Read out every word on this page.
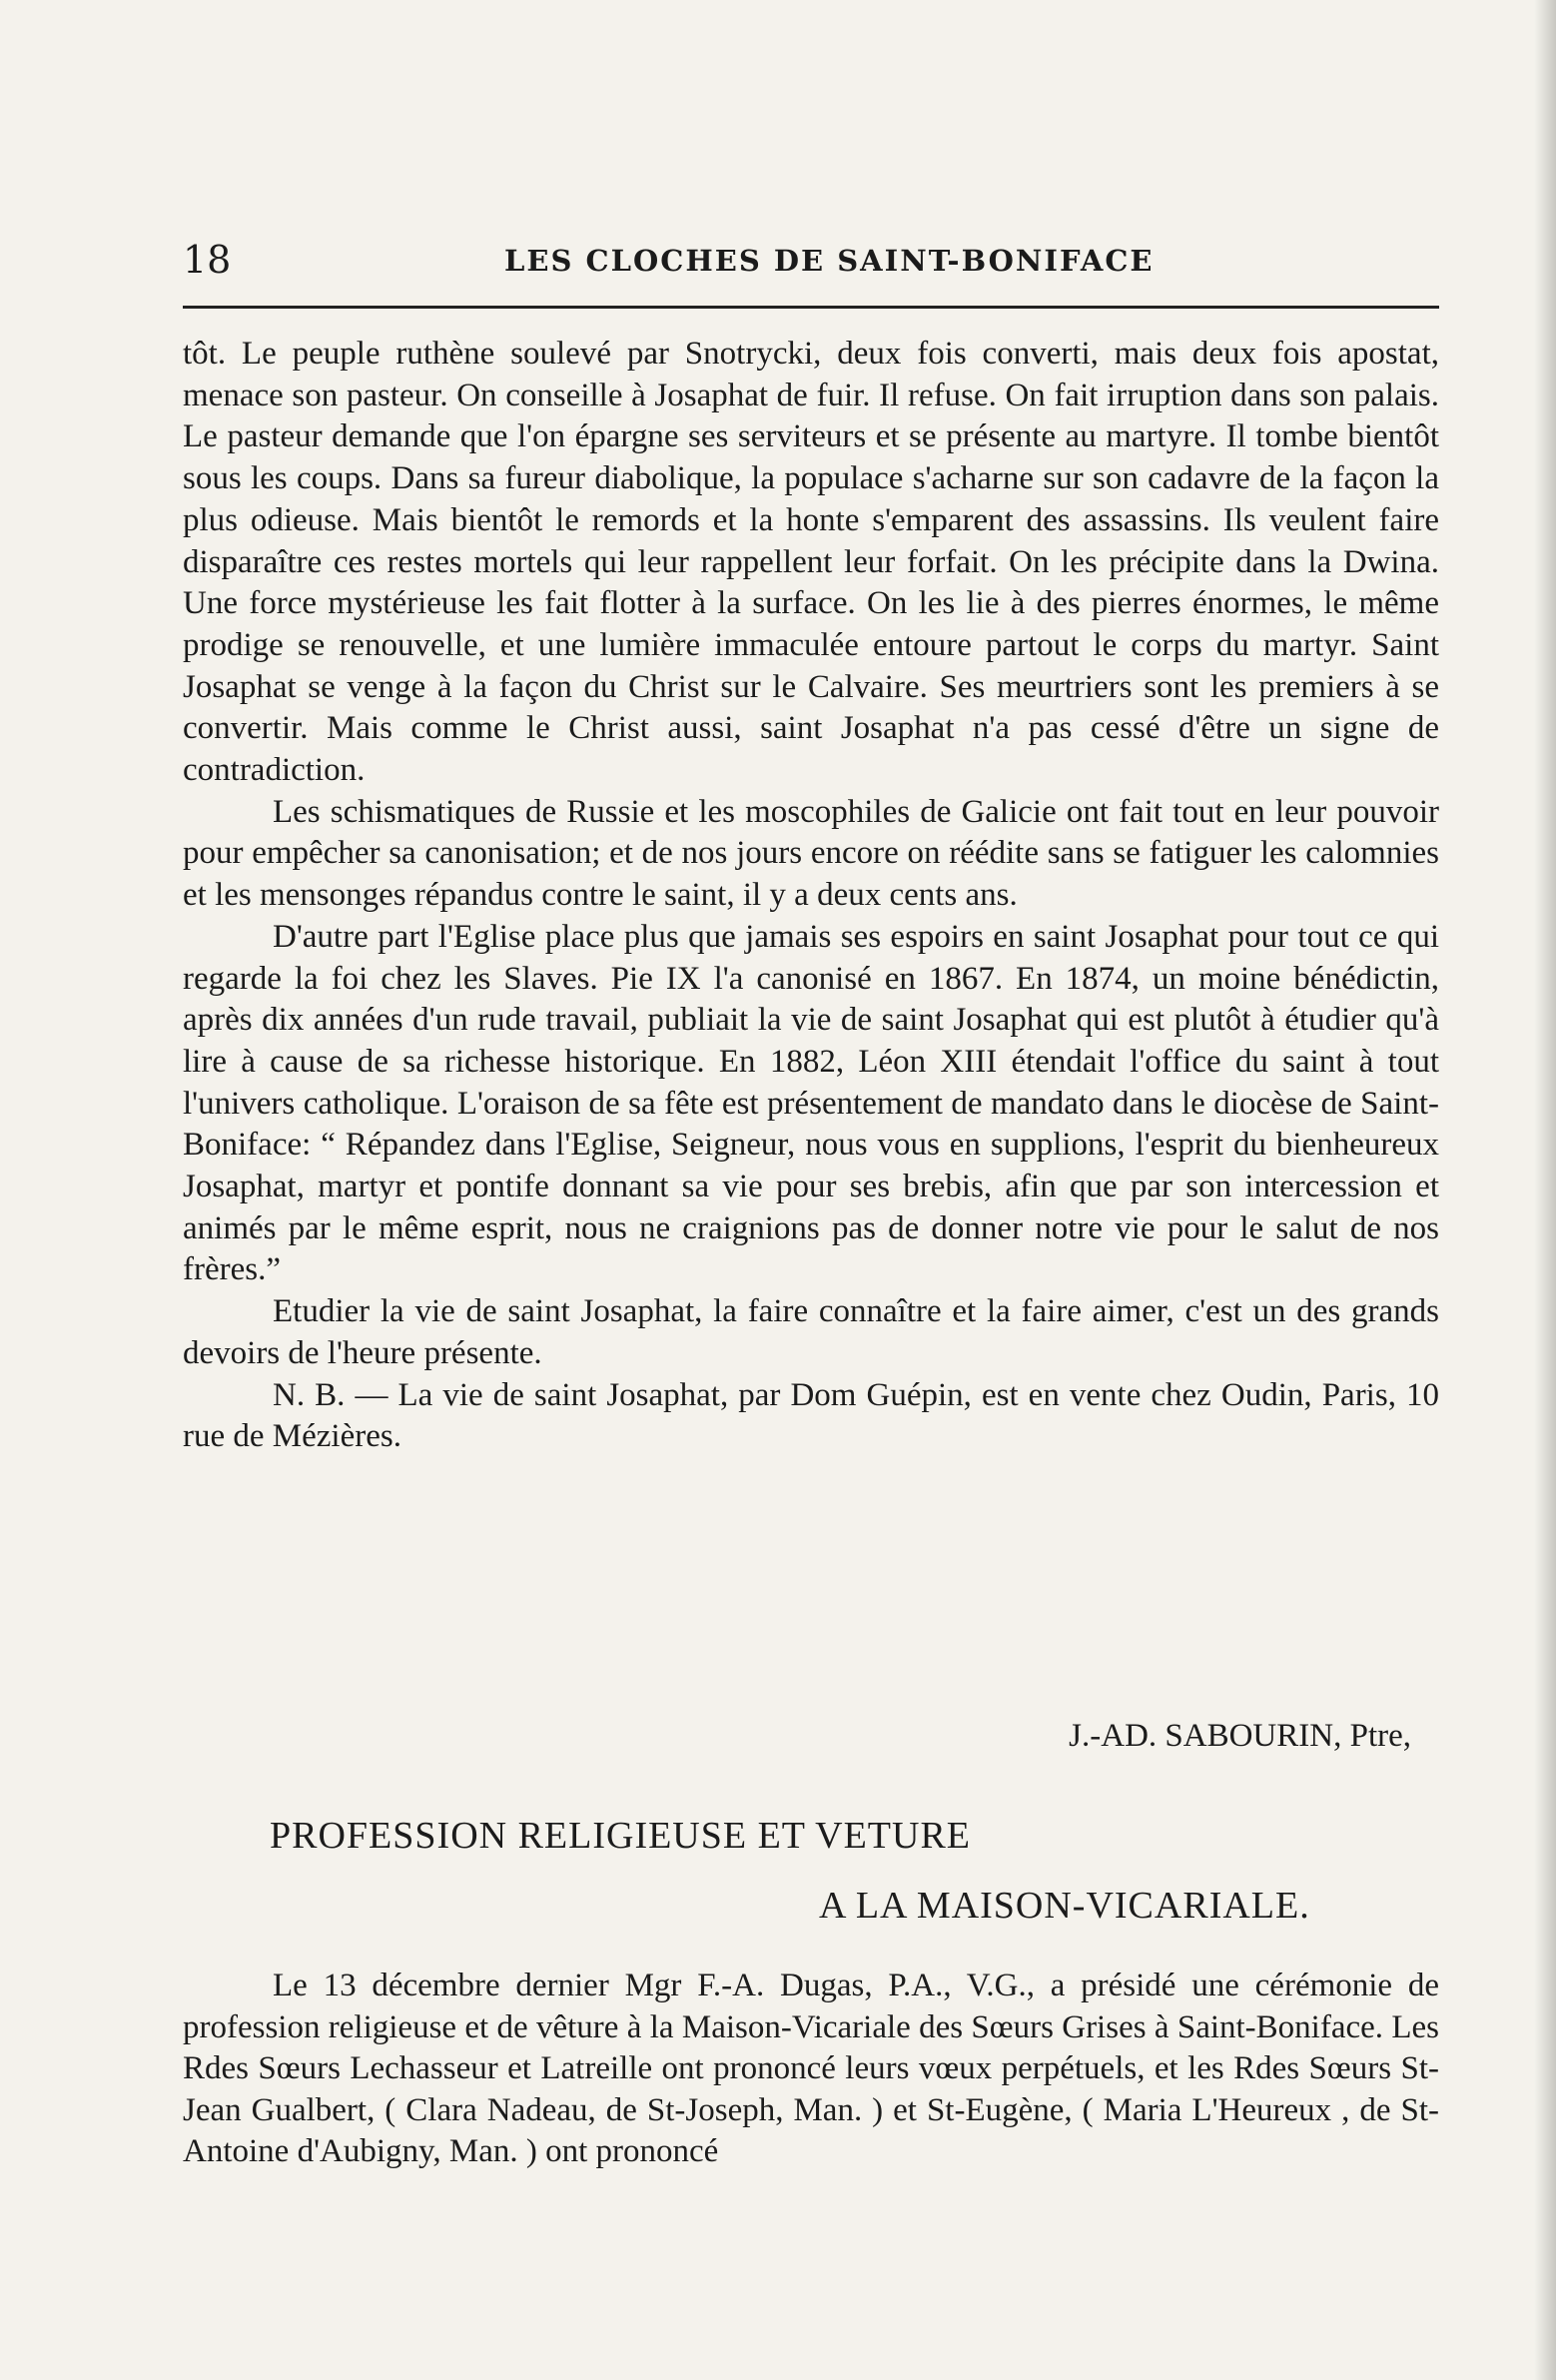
18	LES CLOCHES DE SAINT-BONIFACE

tôt. Le peuple ruthène soulevé par Snotrycki, deux fois converti, mais deux fois apostat, menace son pasteur. On conseille à Josaphat de fuir. Il refuse. On fait irruption dans son palais. Le pasteur demande que l'on épargne ses serviteurs et se présente au martyre. Il tombe bientôt sous les coups. Dans sa fureur diabolique, la populace s'acharne sur son cadavre de la façon la plus odieuse. Mais bientôt le remords et la honte s'emparent des assassins. Ils veulent faire disparaître ces restes mortels qui leur rappellent leur forfait. On les précipite dans la Dwina. Une force mystérieuse les fait flotter à la surface. On les lie à des pierres énormes, le même prodige se renouvelle, et une lumière immaculée entoure partout le corps du martyr. Saint Josaphat se venge à la façon du Christ sur le Calvaire. Ses meurtriers sont les premiers à se convertir. Mais comme le Christ aussi, saint Josaphat n'a pas cessé d'être un signe de contradiction.

Les schismatiques de Russie et les moscophiles de Galicie ont fait tout en leur pouvoir pour empêcher sa canonisation; et de nos jours encore on réédite sans se fatiguer les calomnies et les mensonges répandus contre le saint, il y a deux cents ans.

D'autre part l'Eglise place plus que jamais ses espoirs en saint Josaphat pour tout ce qui regarde la foi chez les Slaves. Pie IX l'a canonisé en 1867. En 1874, un moine bénédictin, après dix années d'un rude travail, publiait la vie de saint Josaphat qui est plutôt à étudier qu'à lire à cause de sa richesse historique. En 1882, Léon XIII étendait l'office du saint à tout l'univers catholique. L'oraison de sa fête est présentement de mandato dans le diocèse de Saint-Boniface: “ Répandez dans l'Eglise, Seigneur, nous vous en supplions, l'esprit du bienheureux Josaphat, martyr et pontife donnant sa vie pour ses brebis, afin que par son intercession et animés par le même esprit, nous ne craignions pas de donner notre vie pour le salut de nos frères.”

Etudier la vie de saint Josaphat, la faire connaître et la faire aimer, c'est un des grands devoirs de l'heure présente.

N. B. — La vie de saint Josaphat, par Dom Guépin, est en vente chez Oudin, Paris, 10 rue de Mézières.

J.-AD. SABOURIN, Ptre,
PROFESSION RELIGIEUSE ET VETURE
A LA MAISON-VICARIALE.

Le 13 décembre dernier Mgr F.-A. Dugas, P.A., V.G., a présidé une cérémonie de profession religieuse et de vêture à la Maison-Vicariale des Sœurs Grises à Saint-Boniface. Les Rdes Sœurs Lechasseur et Latreille ont prononcé leurs vœux perpétuels, et les Rdes Sœurs St-Jean Gualbert, ( Clara Nadeau, de St-Joseph, Man. ) et St-Eugène, ( Maria L'Heureux , de St-Antoine d'Aubigny, Man. ) ont prononcé
